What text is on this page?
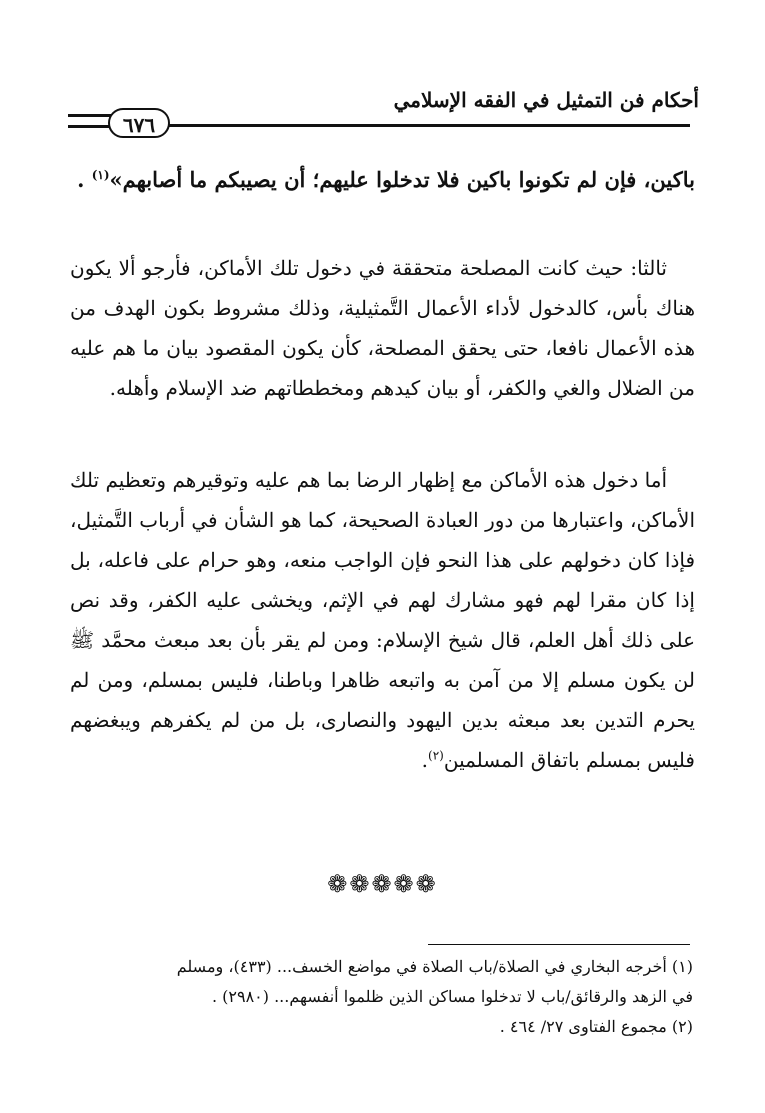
أحكام فن التمثيل في الفقه الإسلامي
٦٧٦
باكين، فإن لم تكونوا باكين فلا تدخلوا عليهم؛ أن يصيبكم ما أصابهم»$^{(١)}$ .
ثالثا: حيث كانت المصلحة متحققة في دخول تلك الأماكن، فأرجو ألا يكون هناك بأس، كالدخول لأداء الأعمال التَّمثيلية، وذلك مشروط بكون الهدف من هذه الأعمال نافعا، حتى يحقق المصلحة، كأن يكون المقصود بيان ما هم عليه من الضلال والغي والكفر، أو بيان كيدهم ومخططاتهم ضد الإسلام وأهله.
أما دخول هذه الأماكن مع إظهار الرضا بما هم عليه وتوقيرهم وتعظيم تلك الأماكن، واعتبارها من دور العبادة الصحيحة، كما هو الشأن في أرباب التَّمثيل، فإذا كان دخولهم على هذا النحو فإن الواجب منعه، وهو حرام على فاعله، بل إذا كان مقرا لهم فهو مشارك لهم في الإثم، ويخشى عليه الكفر، وقد نص على ذلك أهل العلم، قال شيخ الإسلام: ومن لم يقر بأن بعد مبعث محمَّد ﷺ لن يكون مسلم إلا من آمن به واتبعه ظاهرا وباطنا، فليس بمسلم، ومن لم يحرم التدين بعد مبعثه بدين اليهود والنصارى، بل من لم يكفرهم ويبغضهم فليس بمسلم باتفاق المسلمين$^{(٢)}$.
❁❁❁❁❁

(١) أخرجه البخاري في الصلاة/باب الصلاة في مواضع الخسف... (٤٣٣)، ومسلم

في الزهد والرقائق/باب لا تدخلوا مساكن الذين ظلموا أنفسهم... (٢٩٨٠) .

(٢) مجموع الفتاوى ٢٧/ ٤٦٤ .
